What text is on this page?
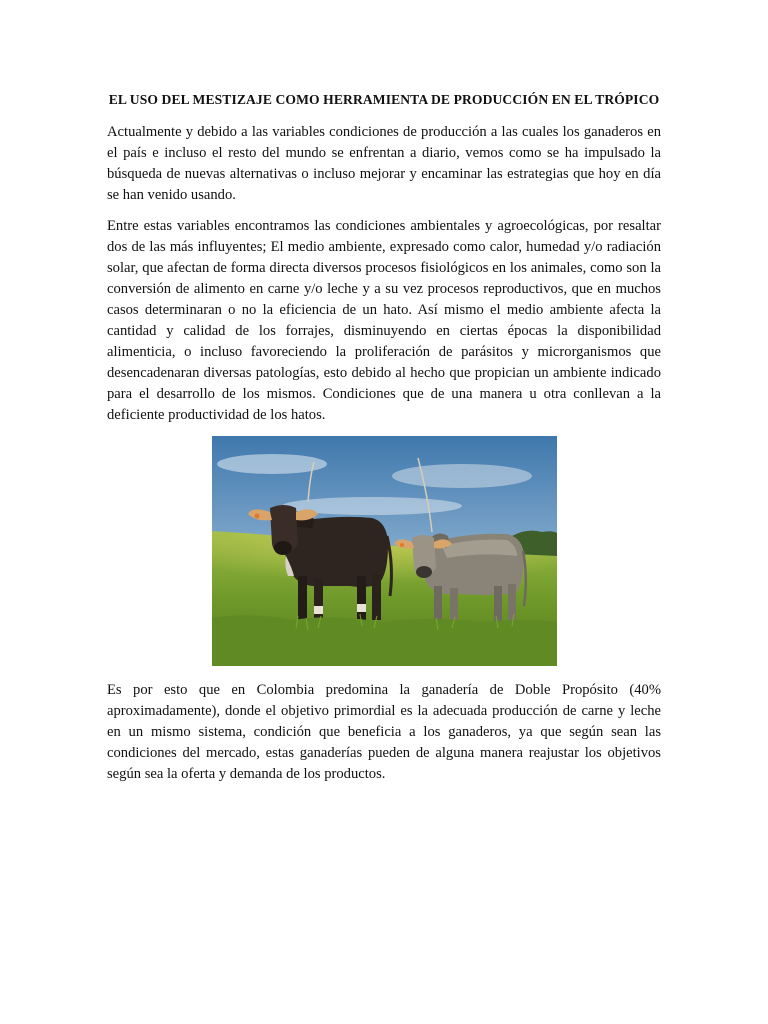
EL USO DEL MESTIZAJE COMO HERRAMIENTA DE PRODUCCIÓN EN EL TRÓPICO

Actualmente y debido a las variables condiciones de producción a las cuales los ganaderos en el país e incluso el resto del mundo se enfrentan a diario, vemos como se ha impulsado la búsqueda de nuevas alternativas o incluso mejorar y encaminar las estrategias que hoy en día se han venido usando.

Entre estas variables encontramos las condiciones ambientales y agroecológicas, por resaltar dos de las más influyentes; El medio ambiente, expresado como calor, humedad y/o radiación solar, que afectan de forma directa diversos procesos fisiológicos en los animales, como son la conversión de alimento en carne y/o leche y a su vez procesos reproductivos, que en muchos casos determinaran o no la eficiencia de un hato. Así mismo el medio ambiente afecta la cantidad y calidad de los forrajes, disminuyendo en ciertas épocas la disponibilidad alimenticia, o incluso favoreciendo la proliferación de parásitos y microrganismos que desencadenaran diversas patologías, esto debido al hecho que propician un ambiente indicado para el desarrollo de los mismos. Condiciones que de una manera u otra conllevan a la deficiente productividad de los hatos.

Es por esto que en Colombia predomina la ganadería de Doble Propósito (40% aproximadamente), donde el objetivo primordial es la adecuada producción de carne y leche en un mismo sistema, condición que beneficia a los ganaderos, ya que según sean las condiciones del mercado, estas ganaderías pueden de alguna manera reajustar los objetivos según sea la oferta y demanda de los productos.
